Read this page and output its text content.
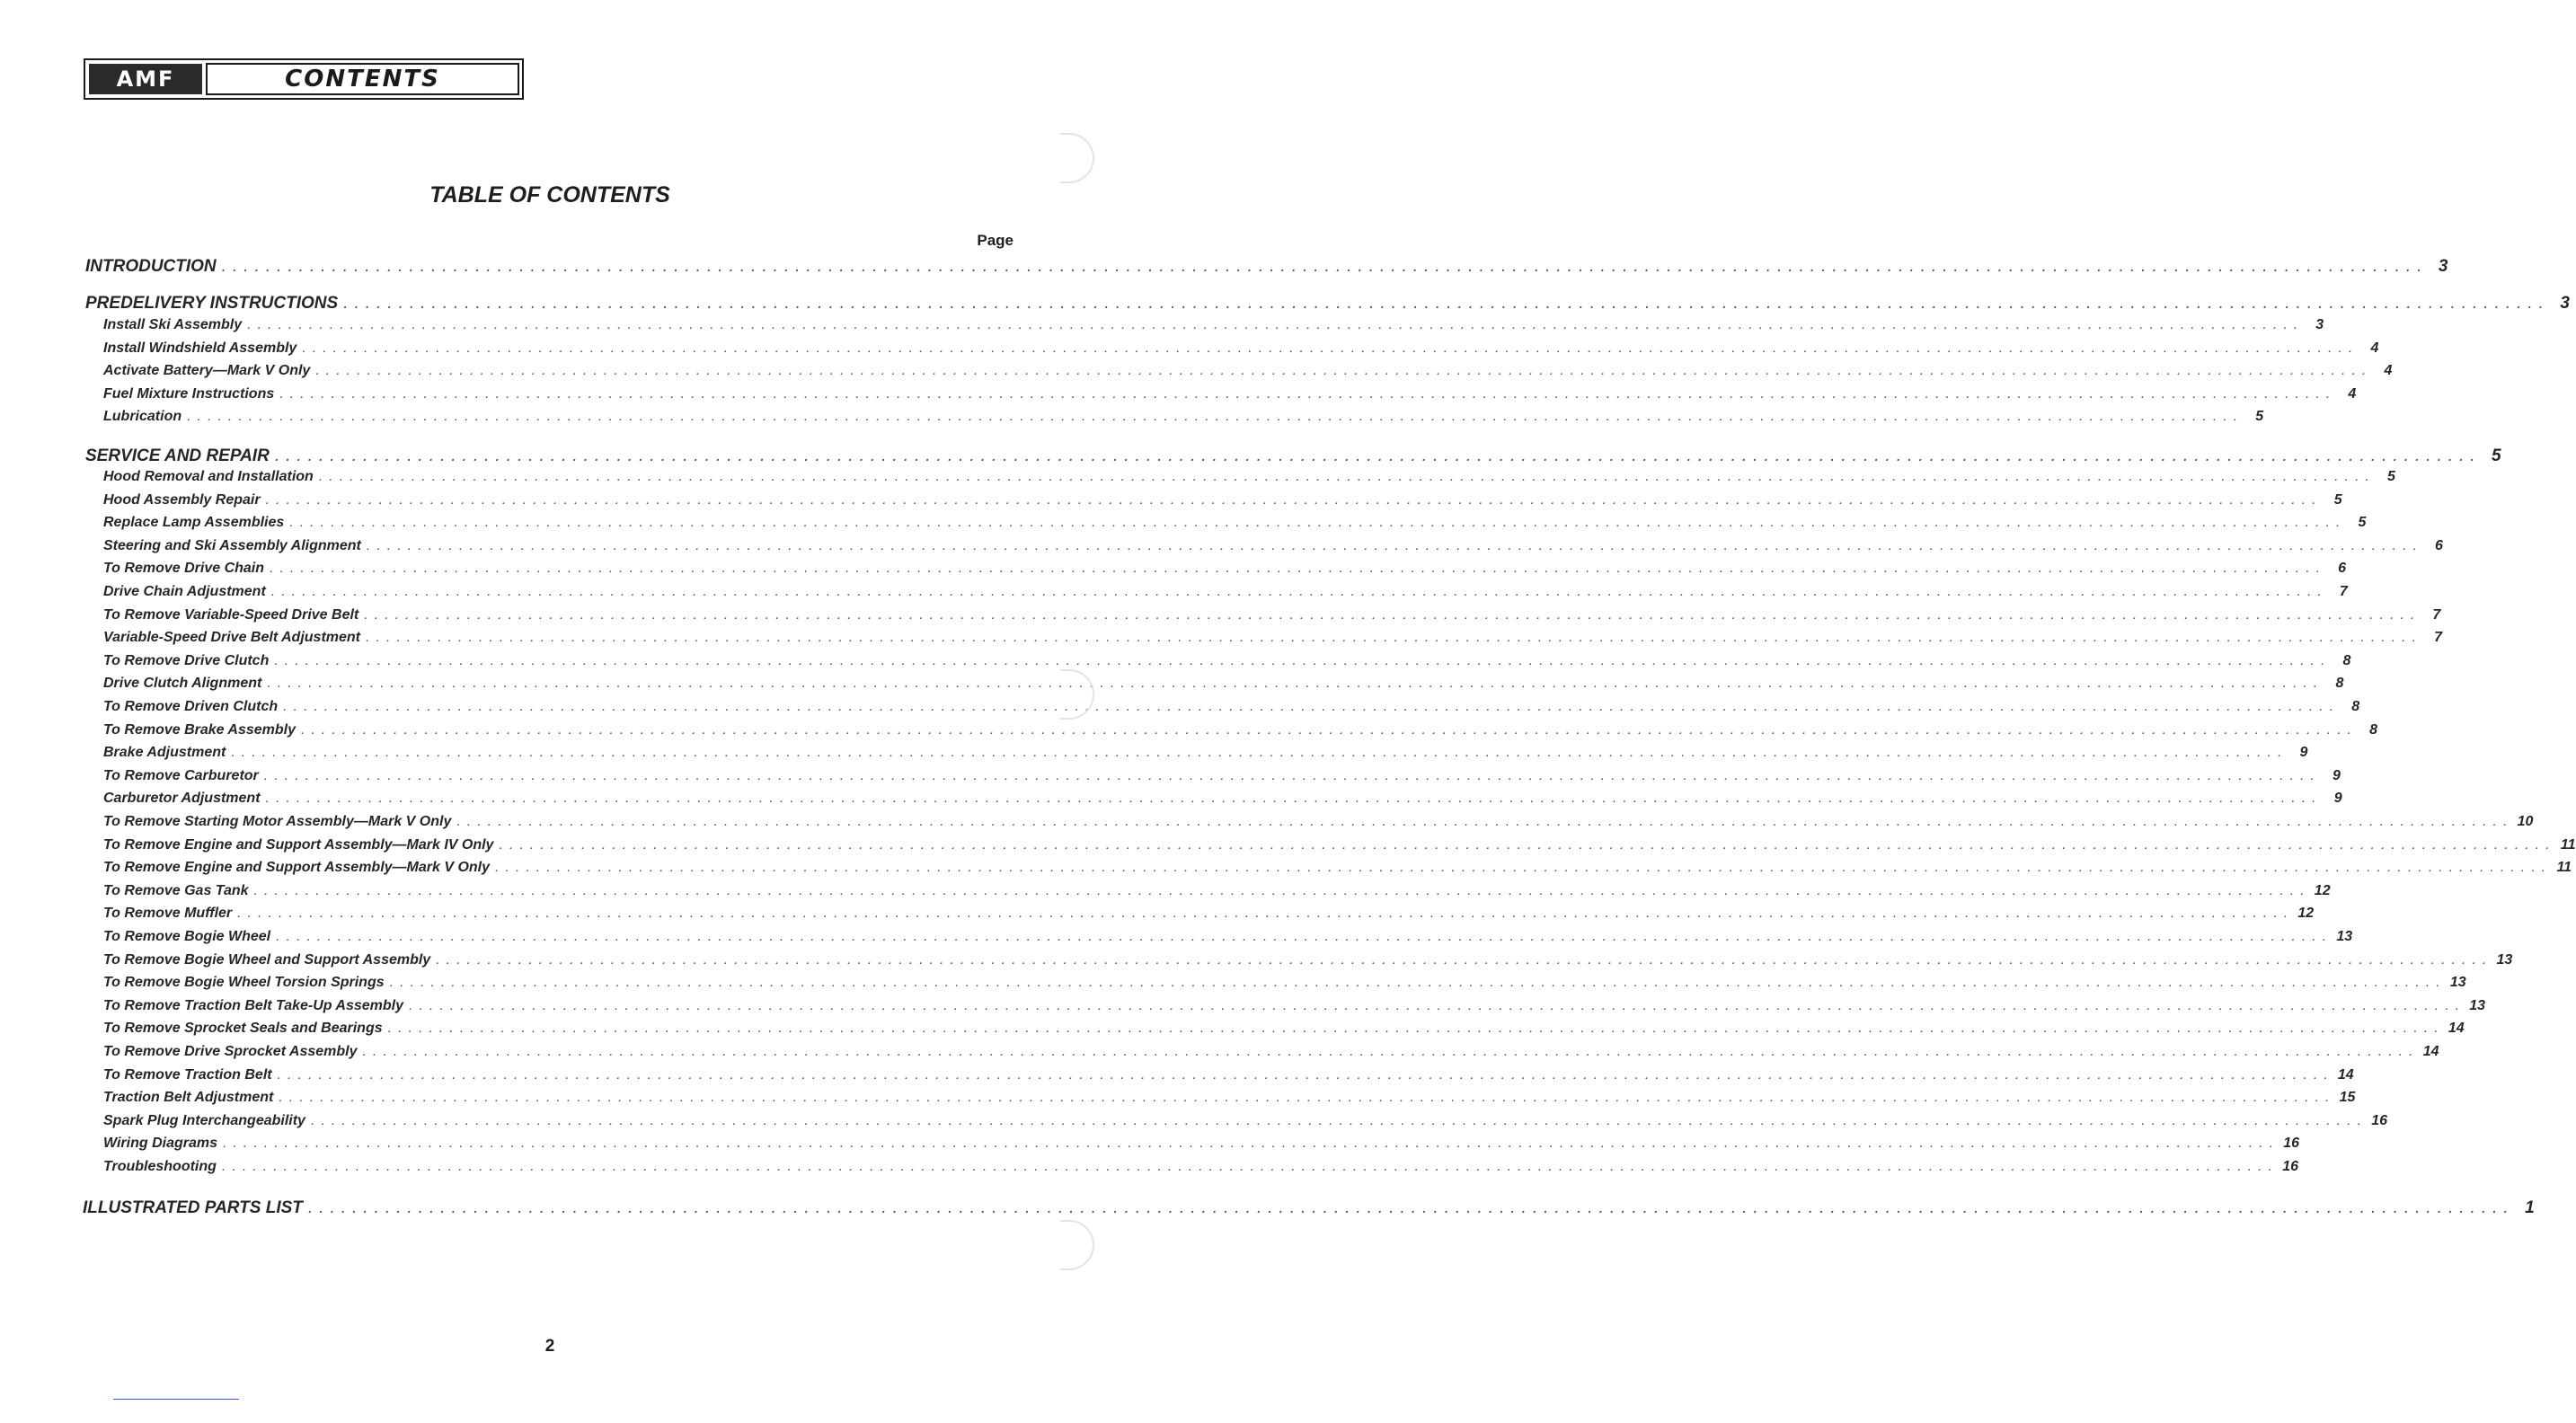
AMF	CONTENTS
TABLE OF CONTENTS
Page
INTRODUCTION ........................................................................................................................................................................................................ 3
PREDELIVERY INSTRUCTIONS ........................................................................................................................................................................................................ 3
Install Ski Assembly ........................................................................................................................................................................................................ 3
Install Windshield Assembly ........................................................................................................................................................................................................ 4
Activate Battery—Mark V Only ........................................................................................................................................................................................................ 4
Fuel Mixture Instructions ........................................................................................................................................................................................................ 4
Lubrication ........................................................................................................................................................................................................ 5
SERVICE AND REPAIR ........................................................................................................................................................................................................ 5
Hood Removal and Installation ........................................................................................................................................................................................................ 5
Hood Assembly Repair ........................................................................................................................................................................................................ 5
Replace Lamp Assemblies ........................................................................................................................................................................................................ 5
Steering and Ski Assembly Alignment ........................................................................................................................................................................................................ 6
To Remove Drive Chain ........................................................................................................................................................................................................ 6
Drive Chain Adjustment ........................................................................................................................................................................................................ 7
To Remove Variable-Speed Drive Belt ........................................................................................................................................................................................................ 7
Variable-Speed Drive Belt Adjustment ........................................................................................................................................................................................................ 7
To Remove Drive Clutch ........................................................................................................................................................................................................ 8
Drive Clutch Alignment ........................................................................................................................................................................................................ 8
To Remove Driven Clutch ........................................................................................................................................................................................................ 8
To Remove Brake Assembly ........................................................................................................................................................................................................ 8
Brake Adjustment ........................................................................................................................................................................................................ 9
To Remove Carburetor ........................................................................................................................................................................................................ 9
Carburetor Adjustment ........................................................................................................................................................................................................ 9
To Remove Starting Motor Assembly—Mark V Only ........................................................................................................................................................................................................ 10
To Remove Engine and Support Assembly—Mark IV Only ........................................................................................................................................................................................................ 11
To Remove Engine and Support Assembly—Mark V Only ........................................................................................................................................................................................................ 11
To Remove Gas Tank ........................................................................................................................................................................................................ 12
To Remove Muffler ........................................................................................................................................................................................................ 12
To Remove Bogie Wheel ........................................................................................................................................................................................................ 13
To Remove Bogie Wheel and Support Assembly ........................................................................................................................................................................................................ 13
To Remove Bogie Wheel Torsion Springs ........................................................................................................................................................................................................ 13
To Remove Traction Belt Take-Up Assembly ........................................................................................................................................................................................................ 13
To Remove Sprocket Seals and Bearings ........................................................................................................................................................................................................ 14
To Remove Drive Sprocket Assembly ........................................................................................................................................................................................................ 14
To Remove Traction Belt ........................................................................................................................................................................................................ 14
Traction Belt Adjustment ........................................................................................................................................................................................................ 15
Spark Plug Interchangeability ........................................................................................................................................................................................................ 16
Wiring Diagrams ........................................................................................................................................................................................................ 16
Troubleshooting ........................................................................................................................................................................................................ 16
ILLUSTRATED PARTS LIST ........................................................................................................................................................................................................ 1
2
